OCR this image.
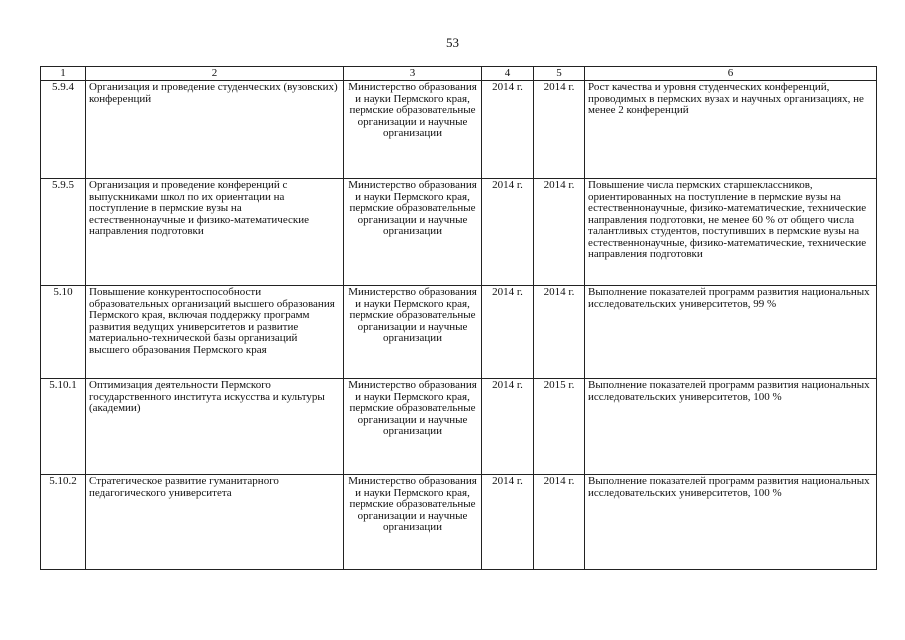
53
1	2	3	4	5	6
5.9.4	Организация и проведение студенческих (вузовских) конференций	Министерство образования и науки Пермского края, пермские образовательные организации и научные организации	2014 г.	2014 г.	Рост качества и уровня студенческих конференций, проводимых в пермских вузах и научных организациях, не менее 2 конференций
5.9.5	Организация и проведение конференций с выпускниками школ по их ориентации на поступление в пермские вузы на естественнонаучные и физико-математические направления подготовки	Министерство образования и науки Пермского края, пермские образовательные организации и научные организации	2014 г.	2014 г.	Повышение числа пермских старшеклассников, ориентированных на поступление в пермские вузы на естественнонаучные, физико-математические, технические направления подготовки, не менее 60 % от общего числа талантливых студентов, поступивших в пермские вузы на естественнонаучные, физико-математические, технические направления подготовки
5.10	Повышение конкурентоспособности образовательных организаций высшего образования Пермского края, включая поддержку программ развития ведущих университетов и развитие материально-технической базы организаций высшего образования Пермского края	Министерство образования и науки Пермского края, пермские образовательные организации и научные организации	2014 г.	2014 г.	Выполнение показателей программ развития национальных исследовательских университетов, 99 %
5.10.1	Оптимизация деятельности Пермского государственного института искусства и культуры (академии)	Министерство образования и науки Пермского края, пермские образовательные организации и научные организации	2014 г.	2015 г.	Выполнение показателей программ развития национальных исследовательских университетов, 100 %
5.10.2	Стратегическое развитие гуманитарного педагогического университета	Министерство образования и науки Пермского края, пермские образовательные организации и научные организации	2014 г.	2014 г.	Выполнение показателей программ развития национальных исследовательских университетов, 100 %
